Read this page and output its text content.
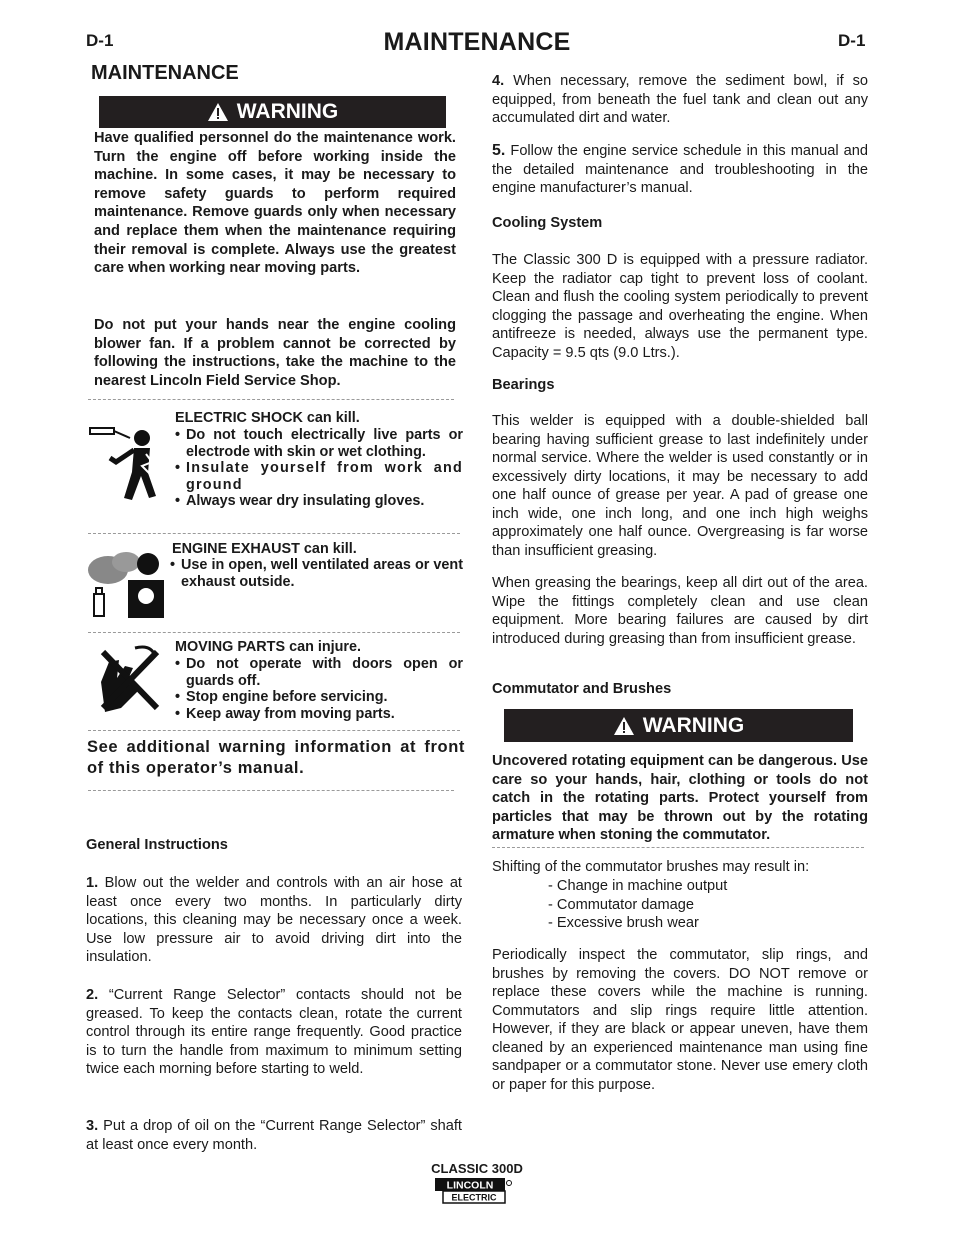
D-1	MAINTENANCE	D-1
MAINTENANCE
WARNING

Have qualified personnel do the maintenance work. Turn the engine off before working inside the machine. In some cases, it may be necessary to remove safety guards to perform required maintenance. Remove guards only when necessary and replace them when the maintenance requiring their removal is complete. Always use the greatest care when working near moving parts.

Do not put your hands near the engine cooling blower fan. If a problem cannot be corrected by following the instructions, take the machine to the nearest Lincoln Field Service Shop.

ELECTRIC SHOCK can kill.
• Do not touch electrically live parts or electrode with skin or wet clothing.
• Insulate yourself from work and ground
• Always wear dry insulating gloves.
ENGINE EXHAUST can kill.
• Use in open, well ventilated areas or vent exhaust outside.
MOVING PARTS can injure.
• Do not operate with doors open or guards off.
• Stop engine before servicing.
• Keep away from moving parts.
See additional warning information at front of this operator’s manual.
General Instructions

1. Blow out the welder and controls with an air hose at least once every two months. In particularly dirty locations, this cleaning may be necessary once a week. Use low pressure air to avoid driving dirt into the insulation.

2. “Current Range Selector” contacts should not be greased. To keep the contacts clean, rotate the current control through its entire range frequently. Good practice is to turn the handle from maximum to minimum setting twice each morning before starting to weld.

3. Put a drop of oil on the “Current Range Selector” shaft at least once every month.

4. When necessary, remove the sediment bowl, if so equipped, from beneath the fuel tank and clean out any accumulated dirt and water.

5. Follow the engine service schedule in this manual and the detailed maintenance and troubleshooting in the engine manufacturer’s manual.

Cooling System

The Classic 300 D is equipped with a pressure radiator. Keep the radiator cap tight to prevent loss of coolant. Clean and flush the cooling system periodically to prevent clogging the passage and overheating the engine. When antifreeze is needed, always use the permanent type. Capacity = 9.5 qts (9.0 Ltrs.).

Bearings

This welder is equipped with a double-shielded ball bearing having sufficient grease to last indefinitely under normal service. Where the welder is used constantly or in excessively dirty locations, it may be necessary to add one half ounce of grease per year. A pad of grease one inch wide, one inch long, and one inch high weighs approximately one half ounce. Overgreasing is far worse than insufficient greasing.

When greasing the bearings, keep all dirt out of the area. Wipe the fittings completely clean and use clean equipment. More bearing failures are caused by dirt introduced during greasing than from insufficient grease.

Commutator and Brushes
WARNING

Uncovered rotating equipment can be dangerous. Use care so your hands, hair, clothing or tools do not catch in the rotating parts. Protect yourself from particles that may be thrown out by the rotating armature when stoning the commutator.

Shifting of the commutator brushes may result in:
- Change in machine output
- Commutator damage
- Excessive brush wear

Periodically inspect the commutator, slip rings, and brushes by removing the covers. DO NOT remove or replace these covers while the machine is running. Commutators and slip rings require little attention. However, if they are black or appear uneven, have them cleaned by an experienced maintenance man using fine sandpaper or a commutator stone. Never use emery cloth or paper for this purpose.

CLASSIC 300D
LINCOLN
ELECTRIC
